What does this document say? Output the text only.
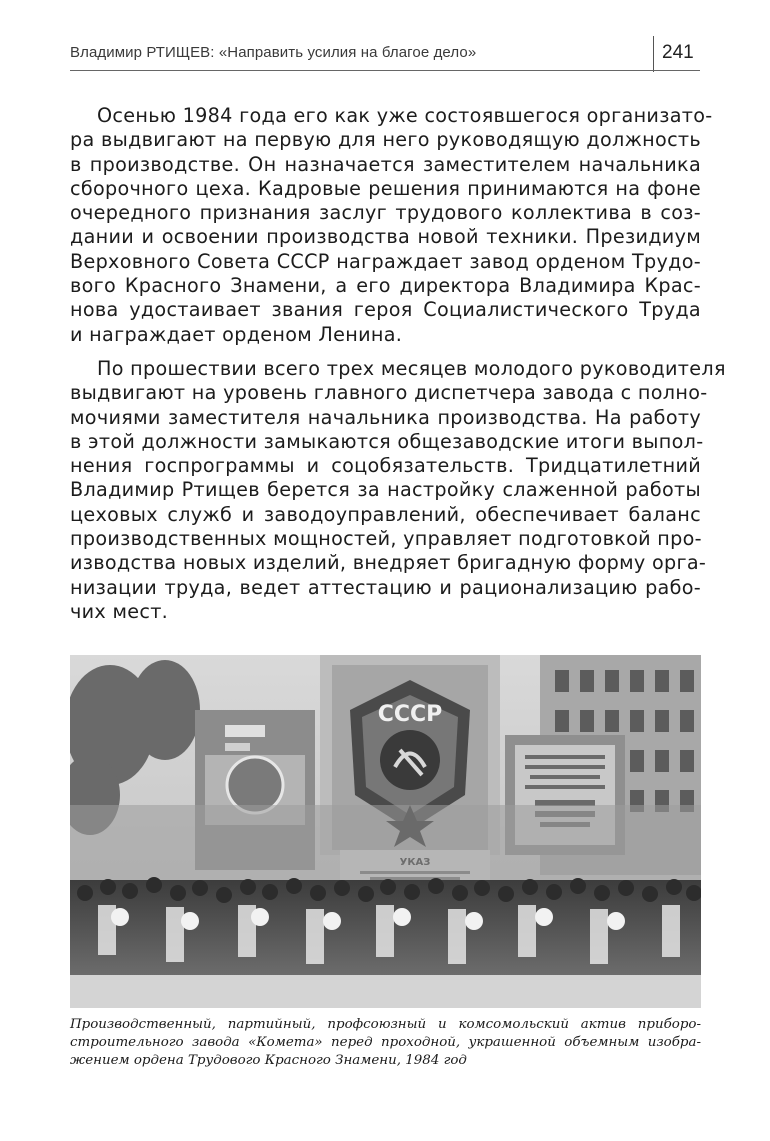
Владимир РТИЩЕВ: «Направить усилия на благое дело»	241

Осенью 1984 года его как уже состоявшегося организато-
ра выдвигают на первую для него руководящую должность
в производстве. Он назначается заместителем начальника
сборочного цеха. Кадровые решения принимаются на фоне
очередного признания заслуг трудового коллектива в соз-
дании и освоении производства новой техники. Президиум
Верховного Совета СССР награждает завод орденом Трудо-
вого Красного Знамени, а его директора Владимира Крас-
нова удостаивает звания героя Социалистического Труда
и награждает орденом Ленина.

По прошествии всего трех месяцев молодого руководителя
выдвигают на уровень главного диспетчера завода с полно-
мочиями заместителя начальника производства. На работу
в этой должности замыкаются общезаводские итоги выпол-
нения госпрограммы и соцобязательств. Тридцатилетний
Владимир Ртищев берется за настройку слаженной работы
цеховых служб и заводоуправлений, обеспечивает баланс
производственных мощностей, управляет подготовкой про-
изводства новых изделий, внедряет бригадную форму орга-
низации труда, ведет аттестацию и рационализацию рабо-
чих мест.

СССР
Производственный, партийный, профсоюзный и комсомольский актив приборо-
строительного завода «Комета» перед проходной, украшенной объемным изобра-
жением ордена Трудового Красного Знамени, 1984 год
